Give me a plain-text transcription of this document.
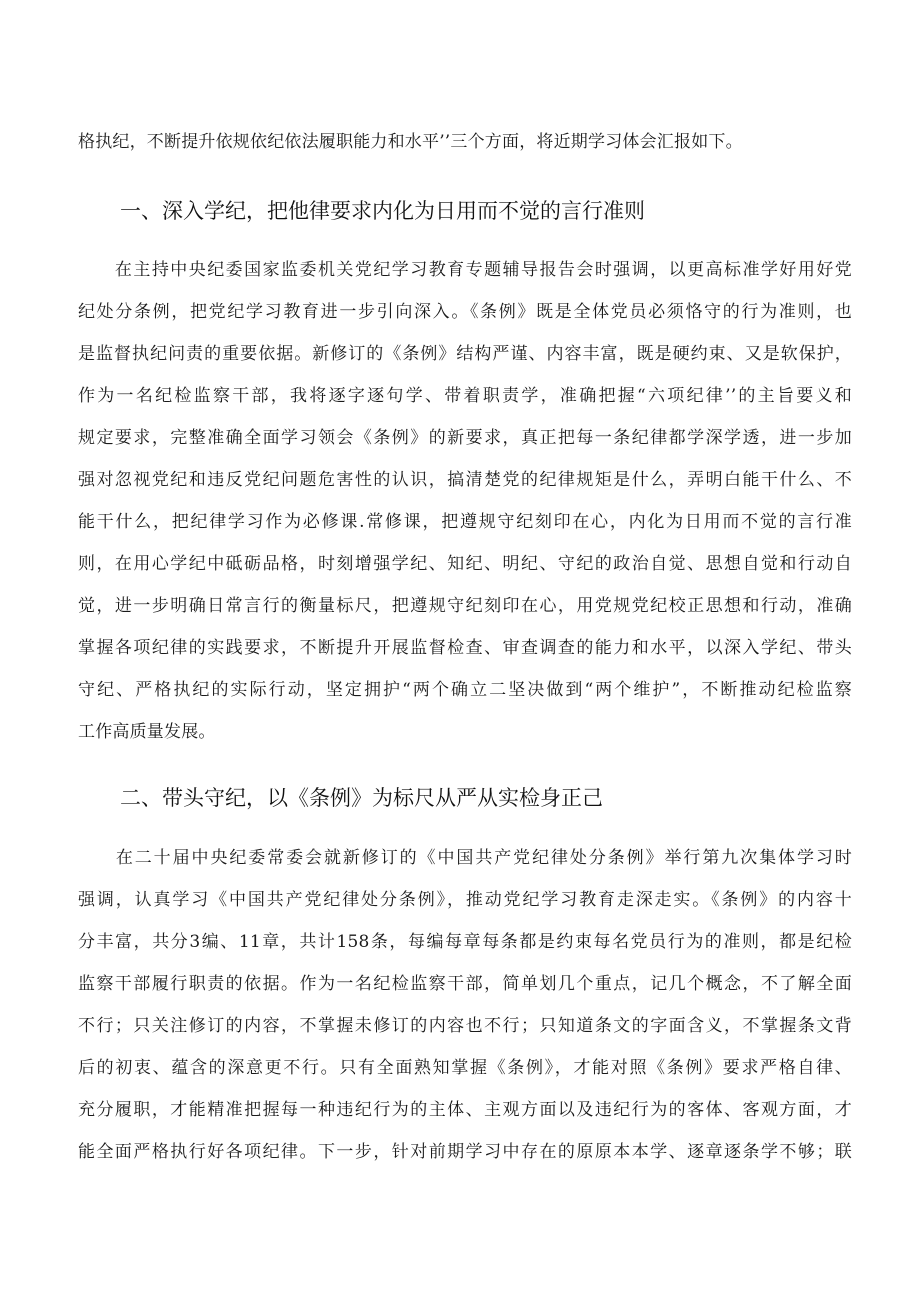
格执纪，不断提升依规依纪依法履职能力和水平’’三个方面，将近期学习体会汇报如下。
一、深入学纪，把他律要求内化为日用而不觉的言行准则
　　在主持中央纪委国家监委机关党纪学习教育专题辅导报告会时强调，以更高标准学好用好党
纪处分条例，把党纪学习教育进一步引向深入。《条例》既是全体党员必须恪守的行为准则，也
是监督执纪问责的重要依据。新修订的《条例》结构严谨、内容丰富，既是硬约束、又是软保护，
作为一名纪检监察干部，我将逐字逐句学、带着职责学，准确把握“六项纪律’’的主旨要义和
规定要求，完整准确全面学习领会《条例》的新要求，真正把每一条纪律都学深学透，进一步加
强对忽视党纪和违反党纪问题危害性的认识，搞清楚党的纪律规矩是什么，弄明白能干什么、不
能干什么，把纪律学习作为必修课.常修课，把遵规守纪刻印在心，内化为日用而不觉的言行准
则，在用心学纪中砥砺品格，时刻增强学纪、知纪、明纪、守纪的政治自觉、思想自觉和行动自
觉，进一步明确日常言行的衡量标尺，把遵规守纪刻印在心，用党规党纪校正思想和行动，准确
掌握各项纪律的实践要求，不断提升开展监督检查、审查调查的能力和水平，以深入学纪、带头
守纪、严格执纪的实际行动，坚定拥护“两个确立二坚决做到“两个维护”，不断推动纪检监察
工作高质量发展。
二、带头守纪，以《条例》为标尺从严从实检身正己
　　在二十届中央纪委常委会就新修订的《中国共产党纪律处分条例》举行第九次集体学习时
强调，认真学习《中国共产党纪律处分条例》，推动党纪学习教育走深走实。《条例》的内容十
分丰富，共分3编、11章，共计158条，每编每章每条都是约束每名党员行为的准则，都是纪检
监察干部履行职责的依据。作为一名纪检监察干部，简单划几个重点，记几个概念，不了解全面
不行；只关注修订的内容，不掌握未修订的内容也不行；只知道条文的字面含义，不掌握条文背
后的初衷、蕴含的深意更不行。只有全面熟知掌握《条例》，才能对照《条例》要求严格自律、
充分履职，才能精准把握每一种违纪行为的主体、主观方面以及违纪行为的客体、客观方面，才
能全面严格执行好各项纪律。下一步，针对前期学习中存在的原原本本学、逐章逐条学不够；联
